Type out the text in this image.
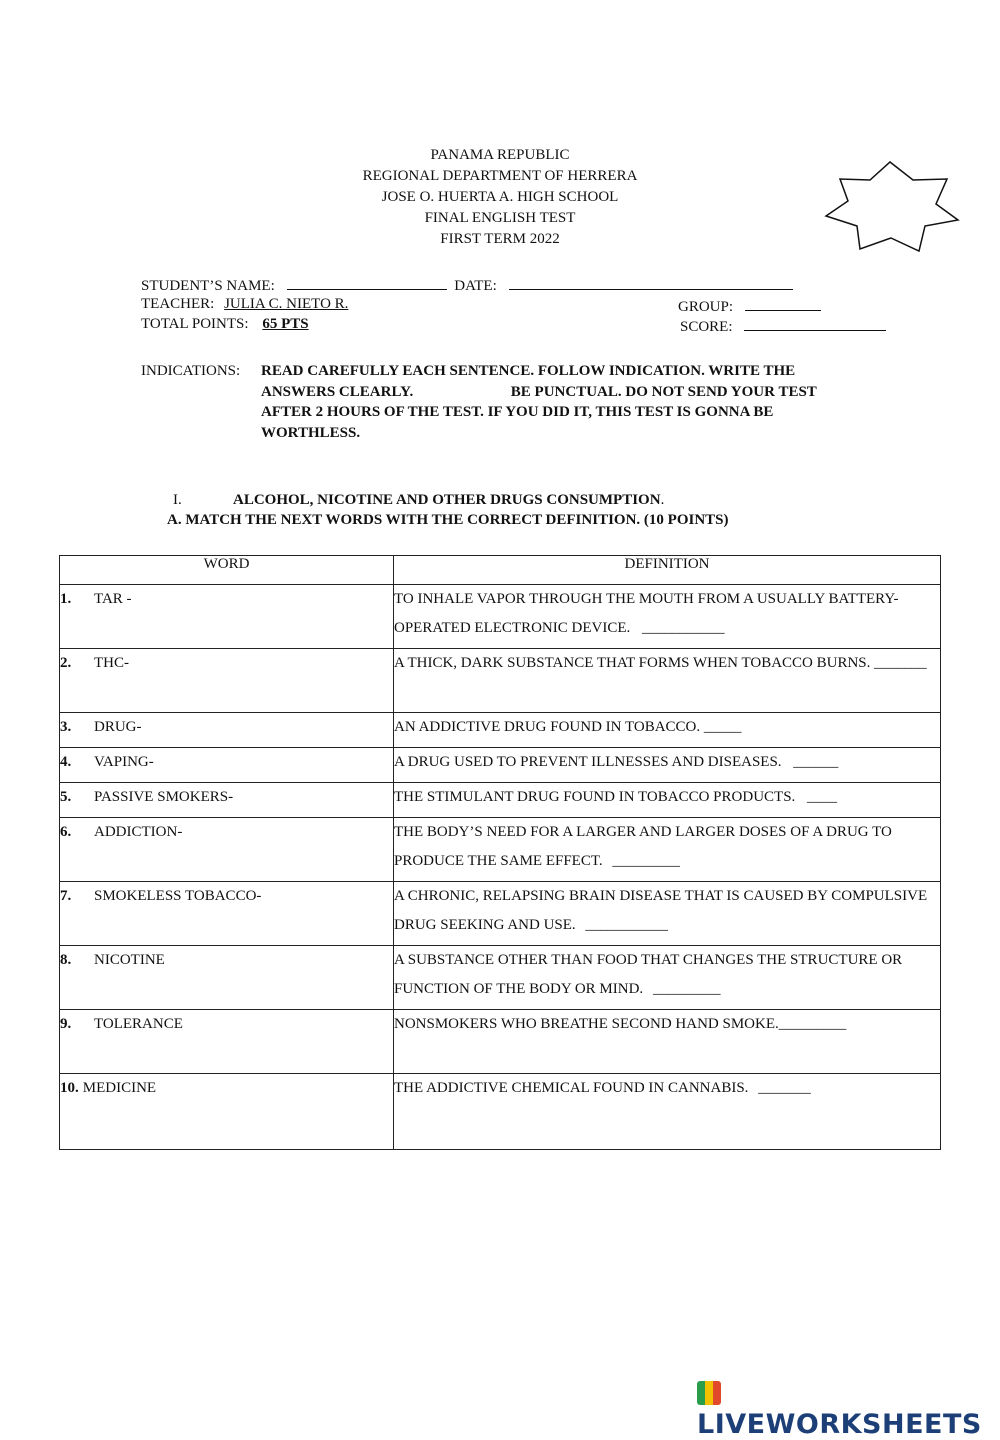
PANAMA REPUBLIC
REGIONAL DEPARTMENT OF HERRERA
JOSE O. HUERTA A. HIGH SCHOOL
FINAL ENGLISH TEST
FIRST TERM 2022
STUDENT’S NAME:	DATE:
TEACHER: JULIA C. NIETO R.	GROUP:
TOTAL POINTS: 65 PTS	SCORE:
INDICATIONS: READ CAREFULLY EACH SENTENCE. FOLLOW INDICATION. WRITE THE ANSWERS CLEARLY.                          BE PUNCTUAL. DO NOT SEND YOUR TEST AFTER 2 HOURS OF THE TEST. IF YOU DID IT, THIS TEST IS GONNA BE WORTHLESS.
I.	ALCOHOL, NICOTINE AND OTHER DRUGS CONSUMPTION.
A. MATCH THE NEXT WORDS WITH THE CORRECT DEFINITION. (10 POINTS)
WORD	DEFINITION
1. TAR -	TO INHALE VAPOR THROUGH THE MOUTH FROM A USUALLY BATTERY-OPERATED ELECTRONIC DEVICE. ___________
2. THC-	A THICK, DARK SUBSTANCE THAT FORMS WHEN TOBACCO BURNS. _______
3. DRUG-	AN ADDICTIVE DRUG FOUND IN TOBACCO. _____
4. VAPING-	A DRUG USED TO PREVENT ILLNESSES AND DISEASES. ______
5. PASSIVE SMOKERS-	THE STIMULANT DRUG FOUND IN TOBACCO PRODUCTS. ____
6. ADDICTION-	THE BODY’S NEED FOR A LARGER AND LARGER DOSES OF A DRUG TO PRODUCE THE SAME EFFECT. _________
7. SMOKELESS TOBACCO-	A CHRONIC, RELAPSING BRAIN DISEASE THAT IS CAUSED BY COMPULSIVE DRUG SEEKING AND USE. ___________
8. NICOTINE	A SUBSTANCE OTHER THAN FOOD THAT CHANGES THE STRUCTURE OR FUNCTION OF THE BODY OR MIND. _________
9. TOLERANCE	NONSMOKERS WHO BREATHE SECOND HAND SMOKE._________
10. MEDICINE	THE ADDICTIVE CHEMICAL FOUND IN CANNABIS. _______
LIVEWORKSHEETS
